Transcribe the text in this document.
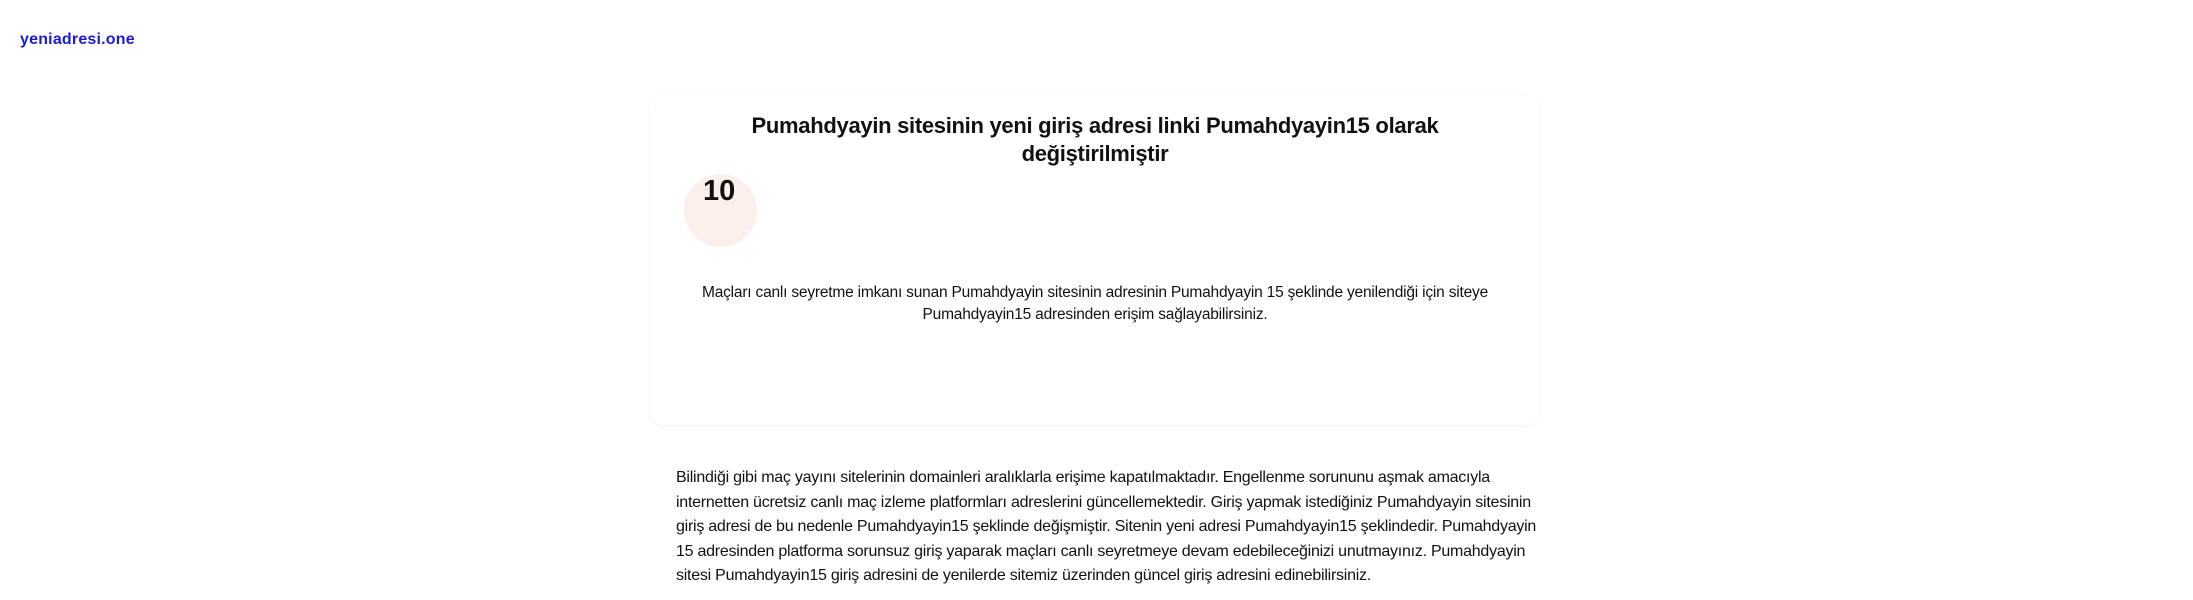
yeniadresi.one
Pumahdyayin sitesinin yeni giriş adresi linki Pumahdyayin15 olarak değiştirilmiştir
10

Maçları canlı seyretme imkanı sunan Pumahdyayin sitesinin adresinin Pumahdyayin 15 şeklinde yenilendiği için siteye Pumahdyayin15 adresinden erişim sağlayabilirsiniz.

Bilindiği gibi maç yayını sitelerinin domainleri aralıklarla erişime kapatılmaktadır. Engellenme sorununu aşmak amacıyla internetten ücretsiz canlı maç izleme platformları adreslerini güncellemektedir. Giriş yapmak istediğiniz Pumahdyayin sitesinin giriş adresi de bu nedenle Pumahdyayin15 şeklinde değişmiştir. Sitenin yeni adresi Pumahdyayin15 şeklindedir. Pumahdyayin 15 adresinden platforma sorunsuz giriş yaparak maçları canlı seyretmeye devam edebileceğinizi unutmayınız. Pumahdyayin sitesi Pumahdyayin15 giriş adresini de yenilerde sitemiz üzerinden güncel giriş adresini edinebilirsiniz.
